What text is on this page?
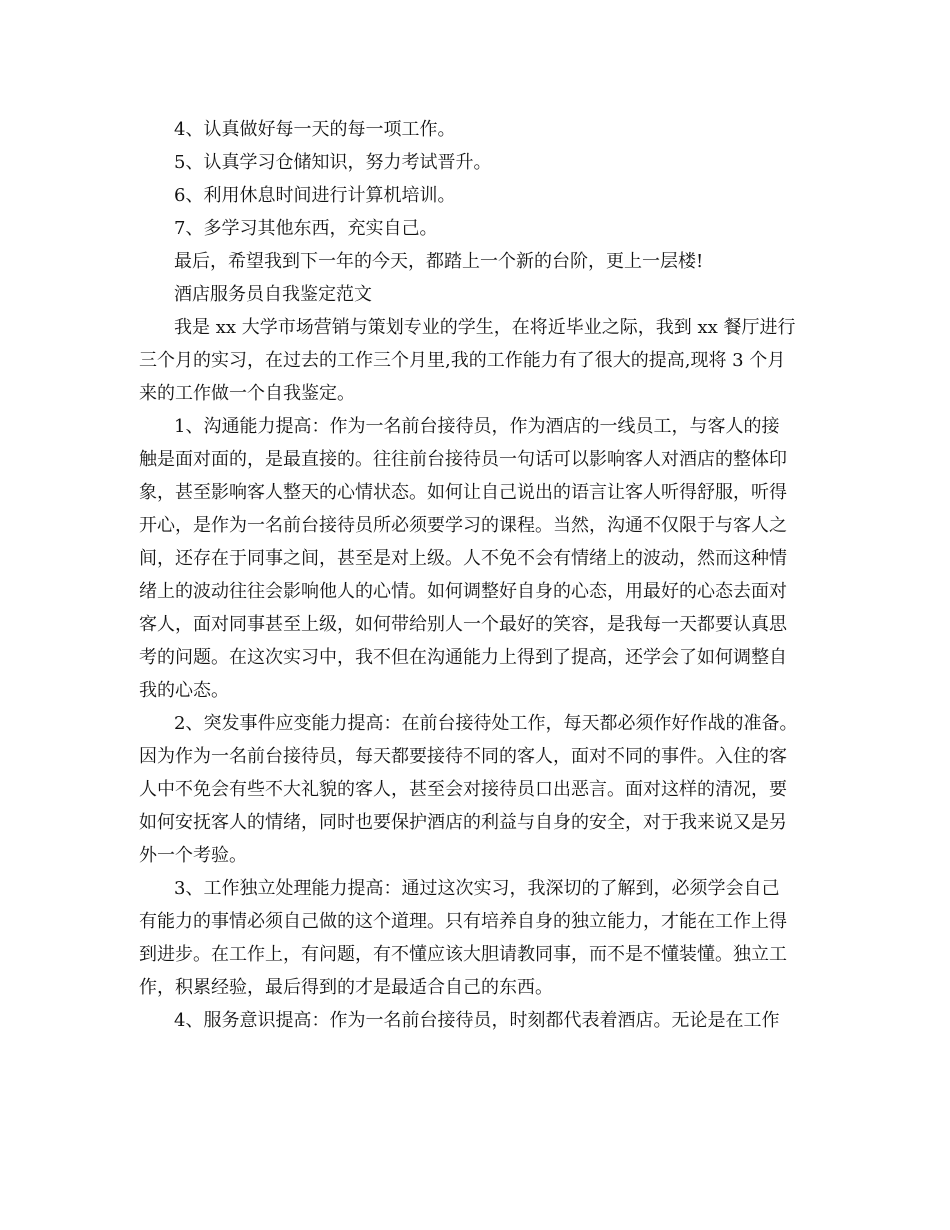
4、认真做好每一天的每一项工作。
5、认真学习仓储知识，努力考试晋升。
6、利用休息时间进行计算机培训。
7、多学习其他东西，充实自己。
最后，希望我到下一年的今天，都踏上一个新的台阶，更上一层楼!
酒店服务员自我鉴定范文
我是 xx 大学市场营销与策划专业的学生，在将近毕业之际，我到 xx 餐厅进行
三个月的实习，在过去的工作三个月里,我的工作能力有了很大的提高,现将 3 个月
来的工作做一个自我鉴定。
1、沟通能力提高：作为一名前台接待员，作为酒店的一线员工，与客人的接
触是面对面的，是最直接的。往往前台接待员一句话可以影响客人对酒店的整体印
象，甚至影响客人整天的心情状态。如何让自己说出的语言让客人听得舒服，听得
开心，是作为一名前台接待员所必须要学习的课程。当然，沟通不仅限于与客人之
间，还存在于同事之间，甚至是对上级。人不免不会有情绪上的波动，然而这种情
绪上的波动往往会影响他人的心情。如何调整好自身的心态，用最好的心态去面对
客人，面对同事甚至上级，如何带给别人一个最好的笑容，是我每一天都要认真思
考的问题。在这次实习中，我不但在沟通能力上得到了提高，还学会了如何调整自
我的心态。
2、突发事件应变能力提高：在前台接待处工作，每天都必须作好作战的准备。
因为作为一名前台接待员，每天都要接待不同的客人，面对不同的事件。入住的客
人中不免会有些不大礼貌的客人，甚至会对接待员口出恶言。面对这样的清况，要
如何安抚客人的情绪，同时也要保护酒店的利益与自身的安全，对于我来说又是另
外一个考验。
3、工作独立处理能力提高：通过这次实习，我深切的了解到，必须学会自己
有能力的事情必须自己做的这个道理。只有培养自身的独立能力，才能在工作上得
到进步。在工作上，有问题，有不懂应该大胆请教同事，而不是不懂装懂。独立工
作，积累经验，最后得到的才是最适合自己的东西。
4、服务意识提高：作为一名前台接待员，时刻都代表着酒店。无论是在工作
